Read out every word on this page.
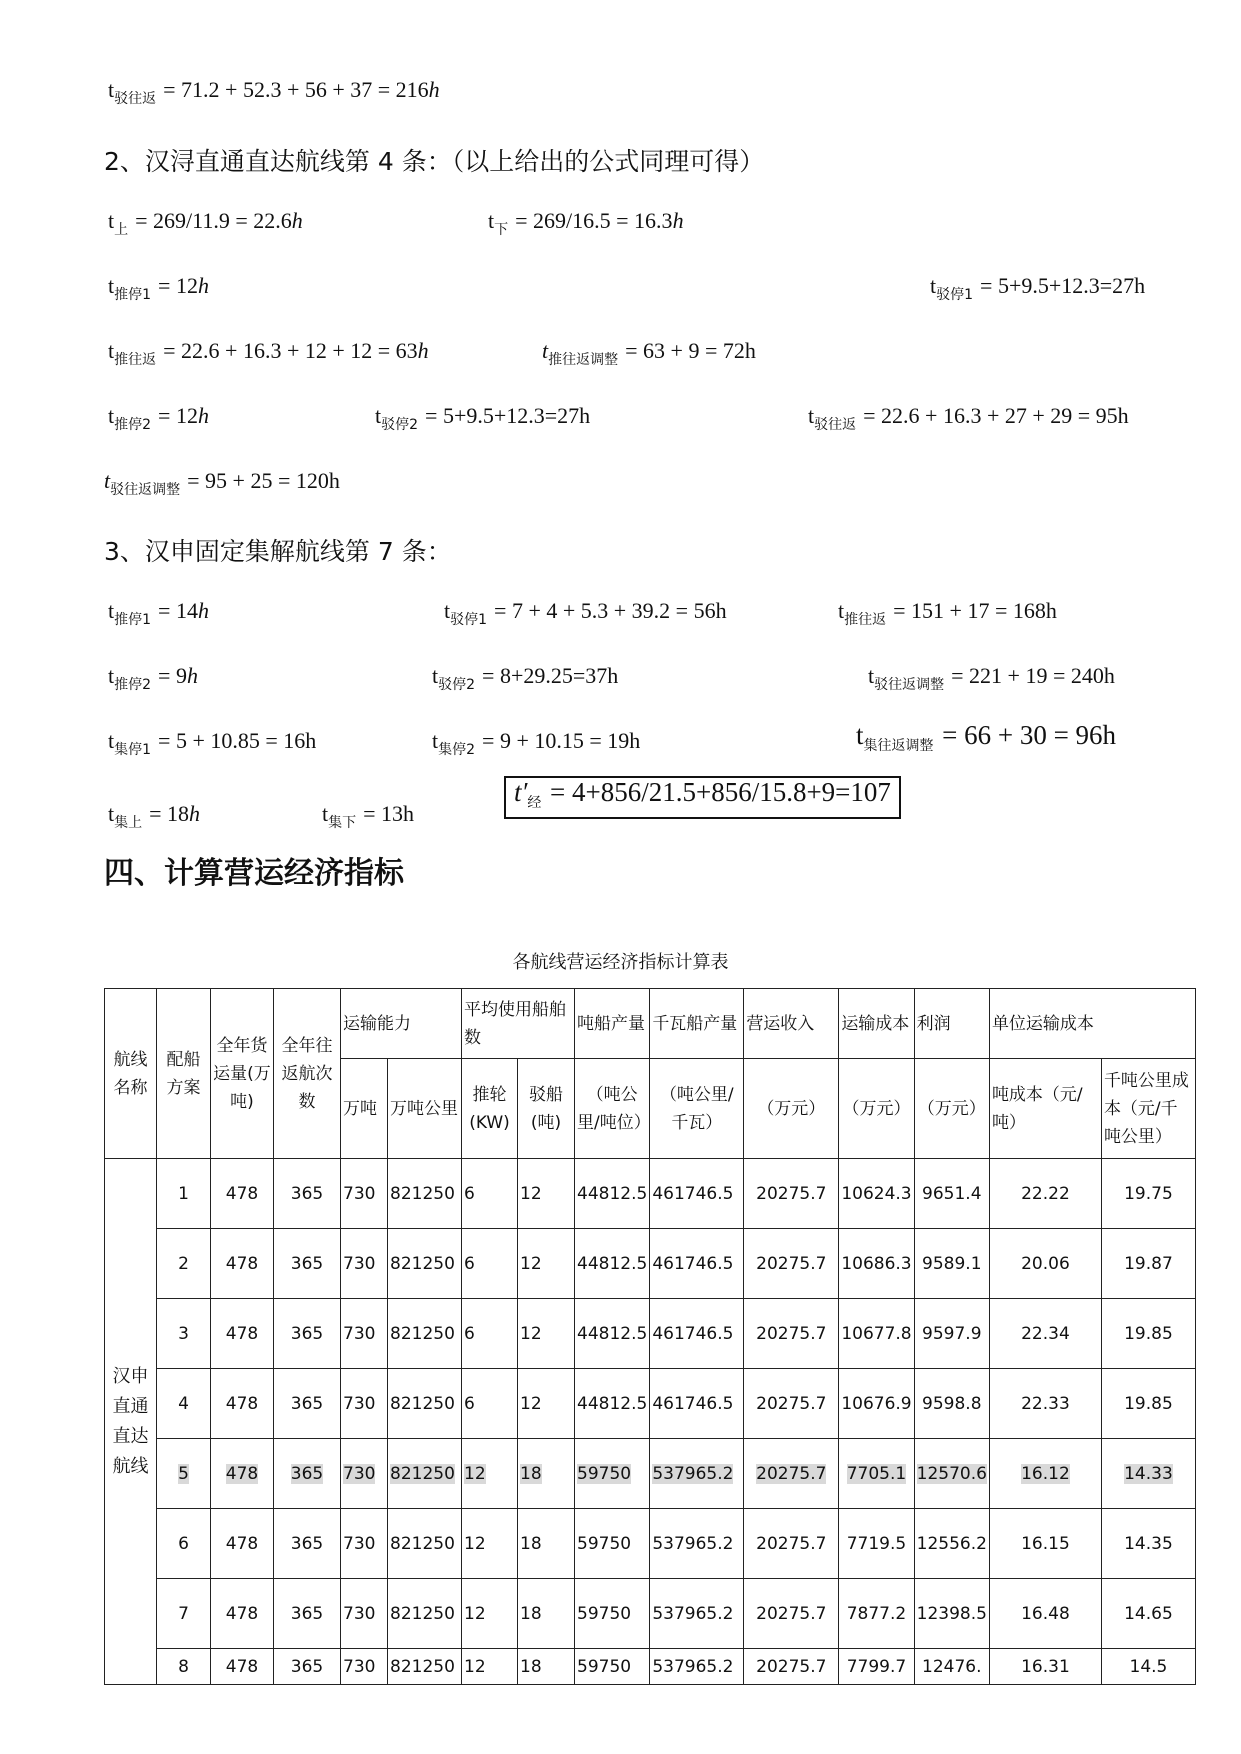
$t_{驳往返} = 71.2 + 52.3 + 56 + 37 = 216h$
2、汉浔直通直达航线第 4 条：（以上给出的公式同理可得）
$t_上 = 269/11.9 = 22.6h$	$t_下 = 269/16.5 = 16.3h$
$t_{推停1} = 12h$	$t_{驳停1} = 5+9.5+12.3=27h$
$t_{推往返} = 22.6 + 16.3 + 12 + 12 = 63h$	$t_{推往返调整} = 63 + 9 = 72h$
$t_{推停2} = 12h$	$t_{驳停2} = 5+9.5+12.3=27h$	$t_{驳往返} = 22.6 + 16.3 + 27 + 29 = 95h$
$t_{驳往返调整} = 95 + 25 = 120h$
3、汉申固定集解航线第 7 条：
$t_{推停1} = 14h$	$t_{驳停1} = 7 + 4 + 5.3 + 39.2 = 56h$	$t_{推往返} = 151 + 17 = 168h$
$t_{推停2} = 9h$	$t_{驳停2} = 8+29.25=37h$	$t_{驳往返调整} = 221 + 19 = 240h$
$t_{集停1} = 5 + 10.85 = 16h$	$t_{集停2} = 9 + 10.15 = 19h$	$t_{集往返调整} = 66 + 30 = 96h$
$t_{集上} = 18h$	$t_{集下} = 13h$
$t'_经 = 4+856/21.5+856/15.8+9=107$
四、计算营运经济指标
各航线营运经济指标计算表
航线名称	配船方案	全年货运量(万吨)	全年往返航次数	运输能力		平均使用船舶数		吨船产量	千瓦船产量	营运收入	运输成本	利润	单位运输成本	
				万吨	万吨公里	推轮(KW)	驳船(吨)	（吨公里/吨位）	（吨公里/千瓦）	（万元）	（万元）	（万元）	吨成本（元/吨）	千吨公里成本（元/千吨公里）
汉申直通直达航线	1	478	365	730	821250	6	12	44812.5	461746.5	20275.7	10624.3	9651.4	22.22	19.75
	2	478	365	730	821250	6	12	44812.5	461746.5	20275.7	10686.3	9589.1	20.06	19.87
	3	478	365	730	821250	6	12	44812.5	461746.5	20275.7	10677.8	9597.9	22.34	19.85
	4	478	365	730	821250	6	12	44812.5	461746.5	20275.7	10676.9	9598.8	22.33	19.85
	5	478	365	730	821250	12	18	59750	537965.2	20275.7	7705.1	12570.6	16.12	14.33
	6	478	365	730	821250	12	18	59750	537965.2	20275.7	7719.5	12556.2	16.15	14.35
	7	478	365	730	821250	12	18	59750	537965.2	20275.7	7877.2	12398.5	16.48	14.65
	8	478	365	730	821250	12	18	59750	537965.2	20275.7	7799.7	12476.	16.31	14.5
